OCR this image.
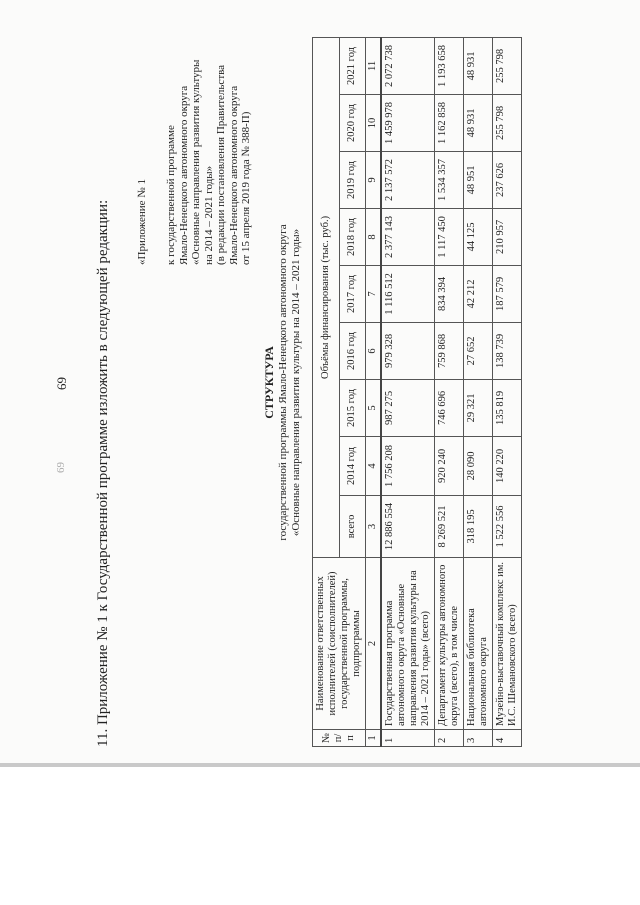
69
69 11. Приложение № 1 к Государственной программе изложить в следующей редакции: «Приложение № 1 к государственной программе Ямало-Ненецкого автономного округа «Основные направления развития культуры на 2014 – 2021 годы» (в редакции постановления Правительства Ямало-Ненецкого автономного округа от 15 апреля 2019 года № 388-П)
СТРУКТУРА государственной программы Ямало-Ненецкого автономного округа «Основные направления развития культуры на 2014 – 2021 годы»
№ п/п	Наименование ответственных исполнителей (соисполнителей) государственной программы, подпрограммы	Объёмы финансирования (тыс. руб.)								
		всего	2014 год	2015 год	2016 год	2017 год	2018 год	2019 год	2020 год	2021 год
1	2	3	4	5	6	7	8	9	10	11
1	Государственная программа автономного округа «Основные направления развития культуры на 2014 – 2021 годы» (всего)	12 886 554	1 756 208	987 275	979 328	1 116 512	2 377 143	2 137 572	1 459 978	2 072 738
2	Департамент культуры автономного округа (всего), в том числе	8 269 521	920 240	746 696	759 868	834 394	1 117 450	1 534 357	1 162 858	1 193 658
3	Национальная библиотека автономного округа	318 195	28 090	29 321	27 652	42 212	44 125	48 951	48 931	48 931
4	Музейно-выставочный комплекс им. И.С. Шемановского (всего)	1 522 556	140 220	135 819	138 739	187 579	210 957	237 626	255 798	255 798
